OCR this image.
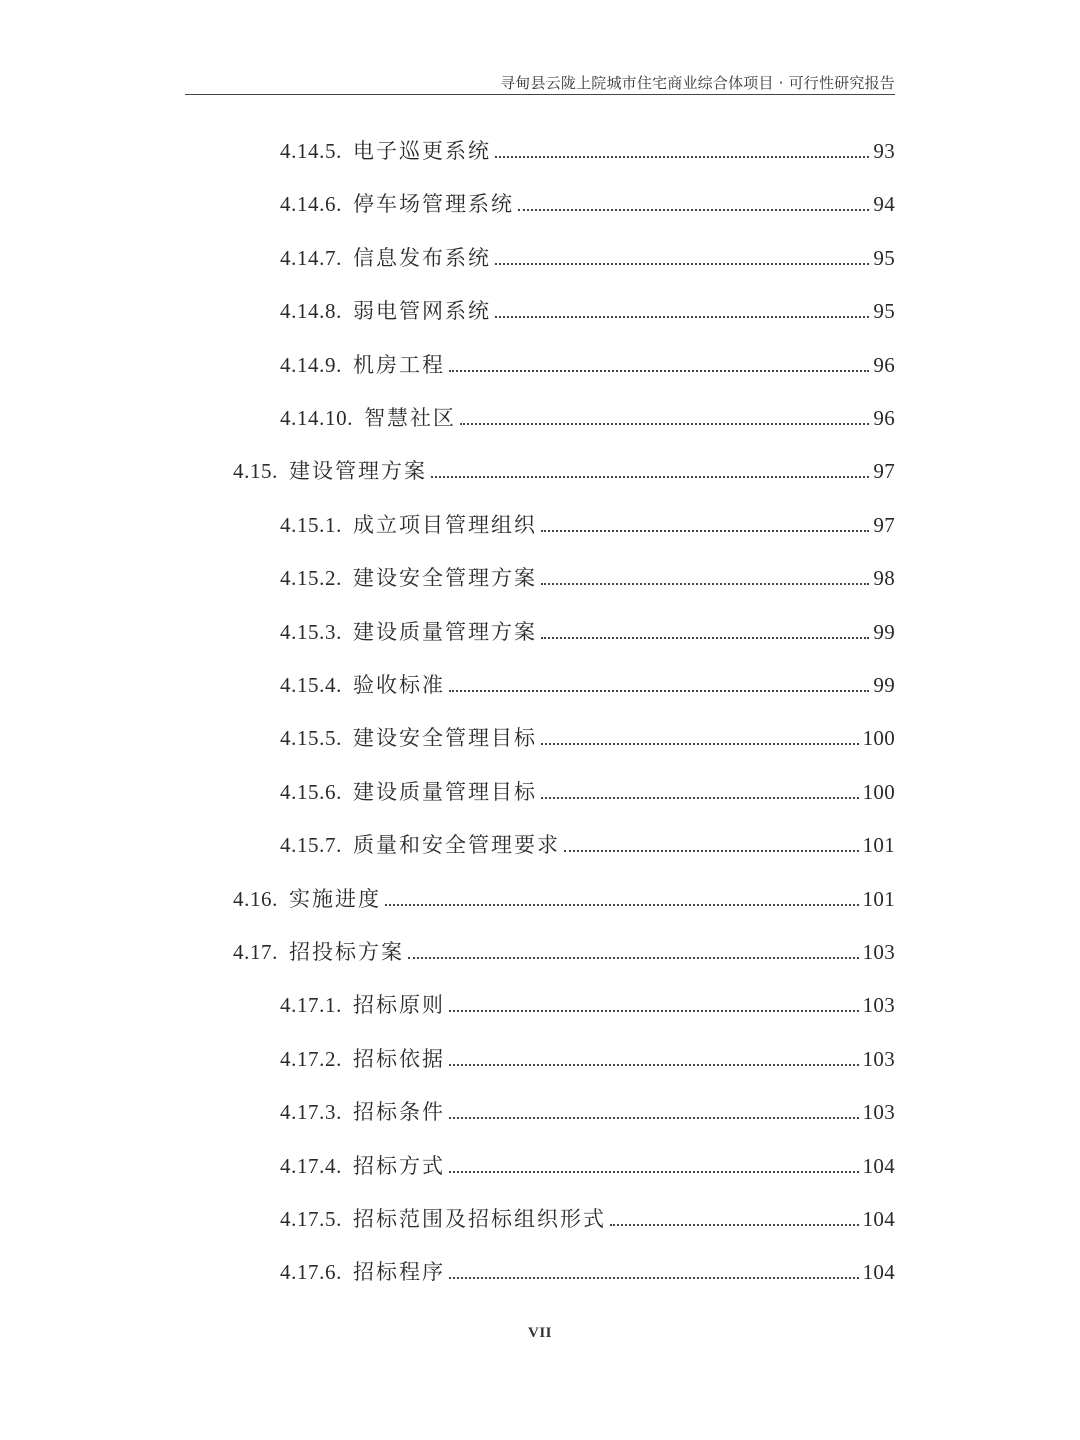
寻甸县云陇上院城市住宅商业综合体项目 · 可行性研究报告
4.14.5. 电子巡更系统	93
4.14.6. 停车场管理系统	94
4.14.7. 信息发布系统	95
4.14.8. 弱电管网系统	95
4.14.9. 机房工程	96
4.14.10. 智慧社区	96
4.15. 建设管理方案	97
4.15.1. 成立项目管理组织	97
4.15.2. 建设安全管理方案	98
4.15.3. 建设质量管理方案	99
4.15.4. 验收标准	99
4.15.5. 建设安全管理目标	100
4.15.6. 建设质量管理目标	100
4.15.7. 质量和安全管理要求	101
4.16. 实施进度	101
4.17. 招投标方案	103
4.17.1. 招标原则	103
4.17.2. 招标依据	103
4.17.3. 招标条件	103
4.17.4. 招标方式	104
4.17.5. 招标范围及招标组织形式	104
4.17.6. 招标程序	104
VII
